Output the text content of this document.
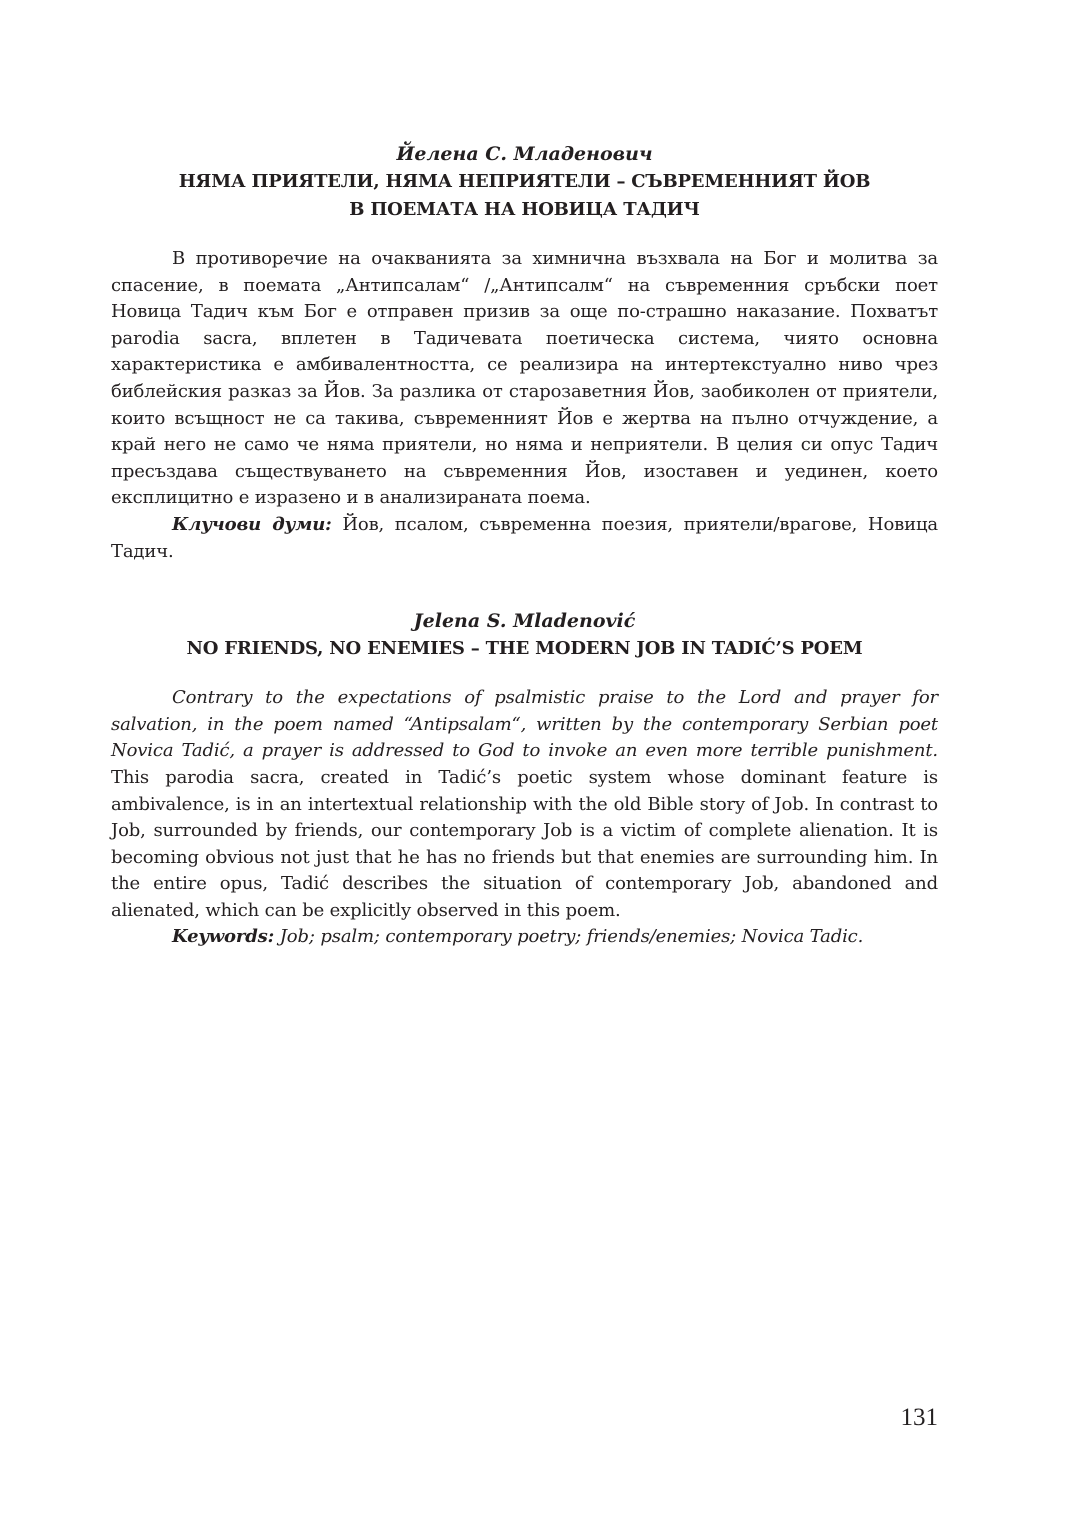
Йелена С. Младенович
НЯМА ПРИЯТЕЛИ, НЯМА НЕПРИЯТЕЛИ – СЪВРЕМЕННИЯТ ЙОВ
В ПОЕМАТА НА НОВИЦА ТАДИЧ

В противоречие на очакванията за химнична възхвала на Бог и молитва за спасение, в поемата „Антипсалам“ /„Антипсалм“ на съвременния сръбски поет Новица Тадич към Бог е отправен призив за още по-страшно наказание. Похватът parodia sacra, вплетен в Тадичевата поетическа система, чиято основна характеристика е амбивалентността, се реализира на интертекстуално ниво чрез библейския разказ за Йов. За разлика от старозаветния Йов, заобиколен от приятели, които всъщност не са такива, съвременният Йов е жертва на пълно отчуждение, а край него не само че няма приятели, но няма и неприятели. В целия си опус Тадич пресъздава съществуването на съвременния Йов, изоставен и уединен, което експлицитно е изразено и в анализираната поема.

Клучови думи: Йов, псалом, съвременна поезия, приятели/врагове, Новица Тадич.

Jelena S. Mladenović
NO FRIENDS, NO ENEMIES – THE MODERN JOB IN TADIĆ’S POEM

Contrary to the expectations of psalmistic praise to the Lord and prayer for salvation, in the poem named “Antipsalam“, written by the contemporary Serbian poet Novica Tadić, a prayer is addressed to God to invoke an even more terrible punishment. This parodia sacra, created in Tadić’s poetic system whose dominant feature is ambivalence, is in an intertextual relationship with the old Bible story of Job. In contrast to Job, surrounded by friends, our contemporary Job is a victim of complete alienation. It is becoming obvious not just that he has no friends but that enemies are surrounding him. In the entire opus, Tadić describes the situation of contemporary Job, abandoned and alienated, which can be explicitly observed in this poem.

Keywords: Job; psalm; contemporary poetry; friends/enemies; Novica Tadic.

131
